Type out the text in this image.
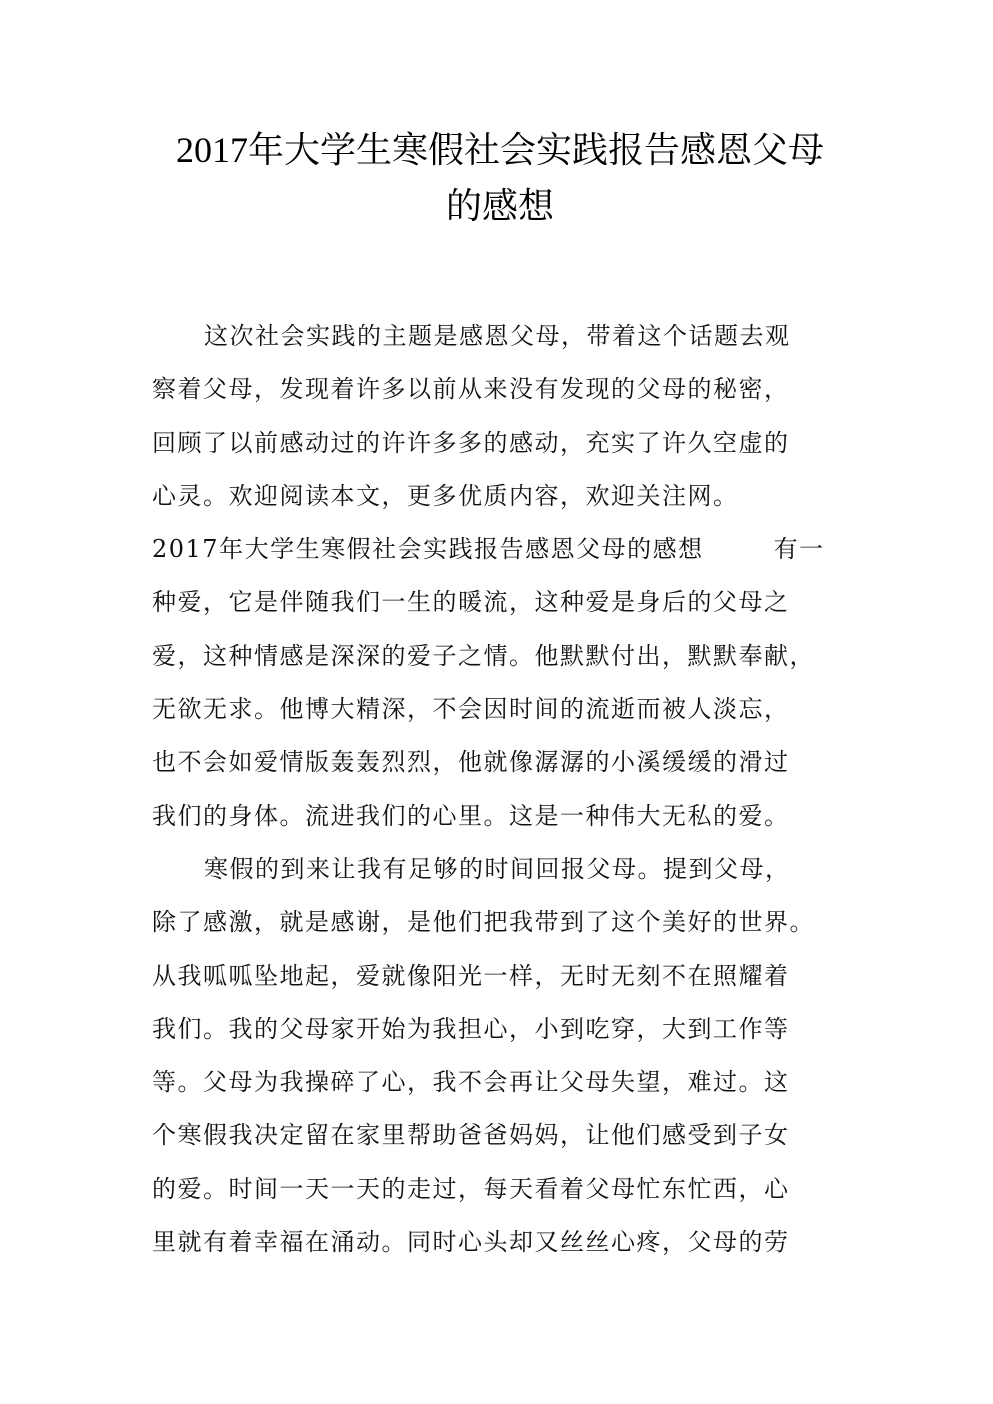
2017年大学生寒假社会实践报告感恩父母
的感想
这次社会实践的主题是感恩父母，带着这个话题去观
察着父母，发现着许多以前从来没有发现的父母的秘密，
回顾了以前感动过的许许多多的感动，充实了许久空虚的
心灵。欢迎阅读本文，更多优质内容，欢迎关注网。
2017年大学生寒假社会实践报告感恩父母的感想	有一
种爱，它是伴随我们一生的暖流，这种爱是身后的父母之
爱，这种情感是深深的爱子之情。他默默付出，默默奉献，
无欲无求。他博大精深，不会因时间的流逝而被人淡忘，
也不会如爱情版轰轰烈烈，他就像潺潺的小溪缓缓的滑过
我们的身体。流进我们的心里。这是一种伟大无私的爱。
寒假的到来让我有足够的时间回报父母。提到父母，
除了感激，就是感谢，是他们把我带到了这个美好的世界。
从我呱呱坠地起，爱就像阳光一样，无时无刻不在照耀着
我们。我的父母家开始为我担心，小到吃穿，大到工作等
等。父母为我操碎了心，我不会再让父母失望，难过。这
个寒假我决定留在家里帮助爸爸妈妈，让他们感受到子女
的爱。时间一天一天的走过，每天看着父母忙东忙西，心
里就有着幸福在涌动。同时心头却又丝丝心疼，父母的劳
